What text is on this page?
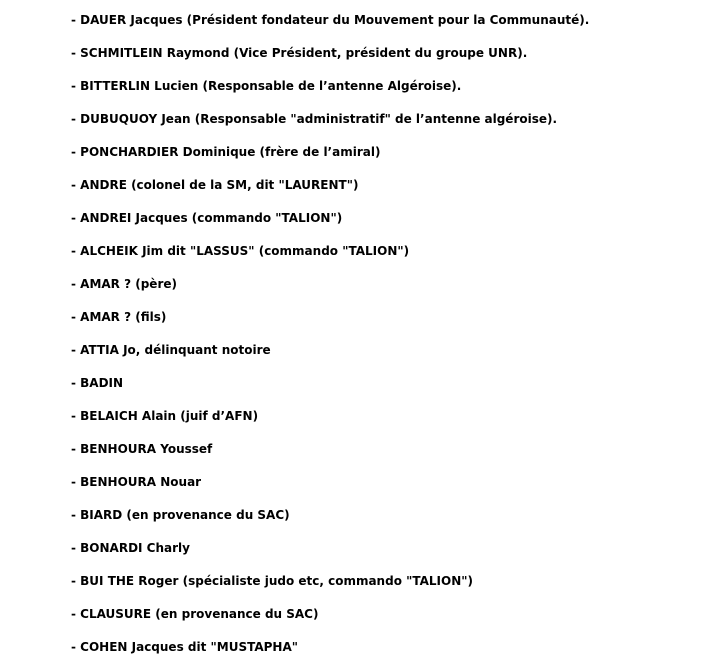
- DAUER Jacques (Président fondateur du Mouvement pour la Communauté).
- SCHMITLEIN Raymond (Vice Président, président du groupe UNR).
- BITTERLIN Lucien (Responsable de l’antenne Algéroise).
- DUBUQUOY Jean (Responsable "administratif" de l’antenne algéroise).
- PONCHARDIER Dominique (frère de l’amiral)
- ANDRE (colonel de la SM, dit "LAURENT")
- ANDREI Jacques (commando "TALION")
- ALCHEIK Jim dit "LASSUS" (commando "TALION")
- AMAR ? (père)
- AMAR ? (fils)
- ATTIA Jo, délinquant notoire
- BADIN
- BELAICH Alain (juif d’AFN)
- BENHOURA Youssef
- BENHOURA Nouar
- BIARD (en provenance du SAC)
- BONARDI Charly
- BUI THE Roger (spécialiste judo etc, commando "TALION")
- CLAUSURE (en provenance du SAC)
- COHEN Jacques dit "MUSTAPHA"
